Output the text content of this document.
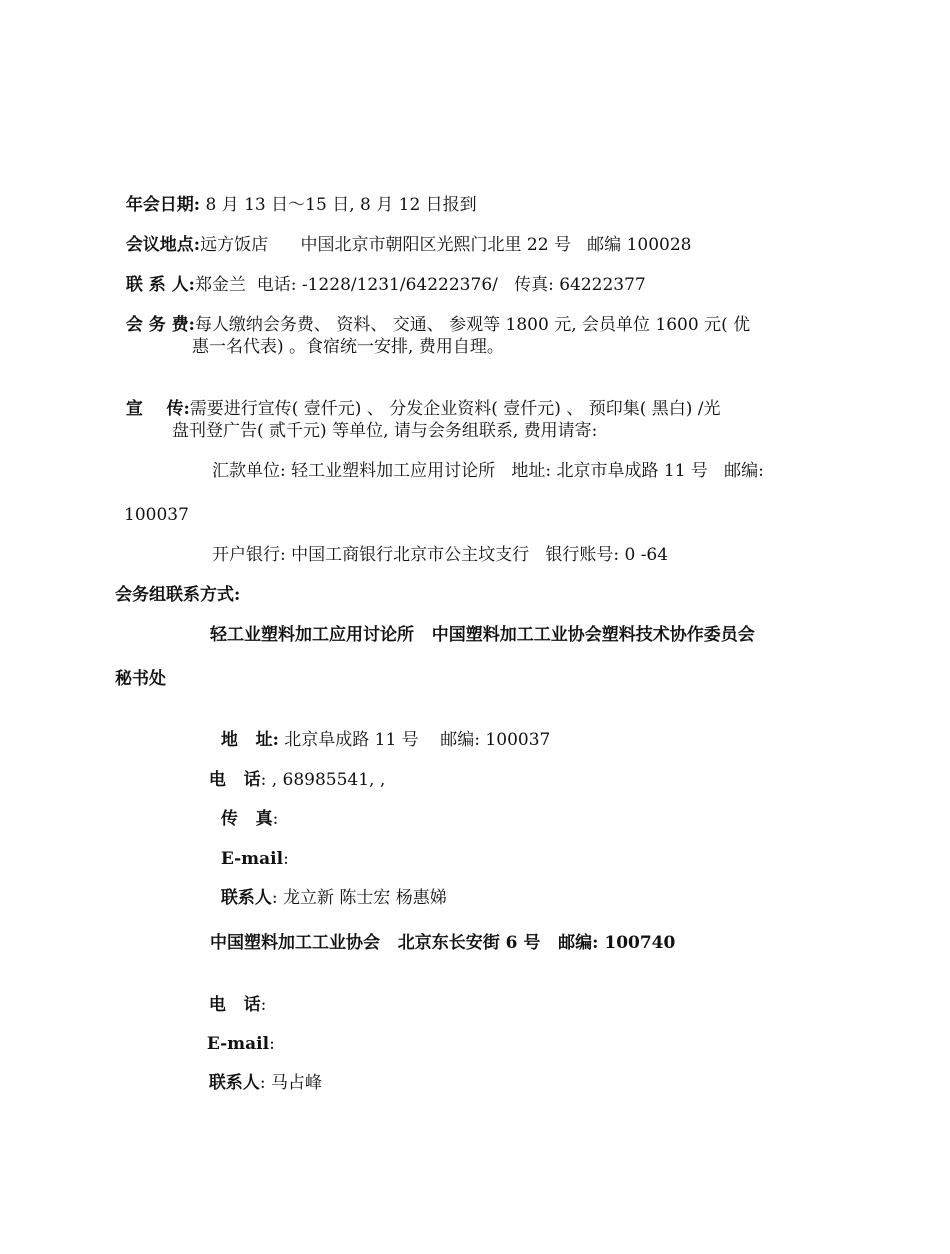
年会日期: 8 月 13 日～15 日, 8 月 12 日报到

会议地点:远方饭店      中国北京市朝阳区光熙门北里 22 号   邮编 100028

联 系 人:郑金兰  电话: -1228/1231/64222376/   传真: 64222377

会 务 费:每人缴纳会务费、 资料、 交通、 参观等 1800 元, 会员单位 1600 元( 优

惠一名代表) 。食宿统一安排, 费用自理。

宣    传:需要进行宣传( 壹仟元) 、 分发企业资料( 壹仟元) 、 预印集( 黑白) /光

盘刊登广告( 贰千元) 等单位, 请与会务组联系, 费用请寄:
汇款单位: 轻工业塑料加工应用讨论所   地址: 北京市阜成路 11 号   邮编:
100037
开户银行: 中国工商银行北京市公主坟支行   银行账号: 0 -64
会务组联系方式:
轻工业塑料加工应用讨论所   中国塑料加工工业协会塑料技术协作委员会
秘书处

地   址: 北京阜成路 11 号    邮编: 100037

电   话: , 68985541, ,

传   真:

E-mail:

联系人: 龙立新 陈士宏 杨惠娣

中国塑料加工工业协会   北京东长安街 6 号   邮编: 100740

电   话:

E-mail:

联系人: 马占峰
